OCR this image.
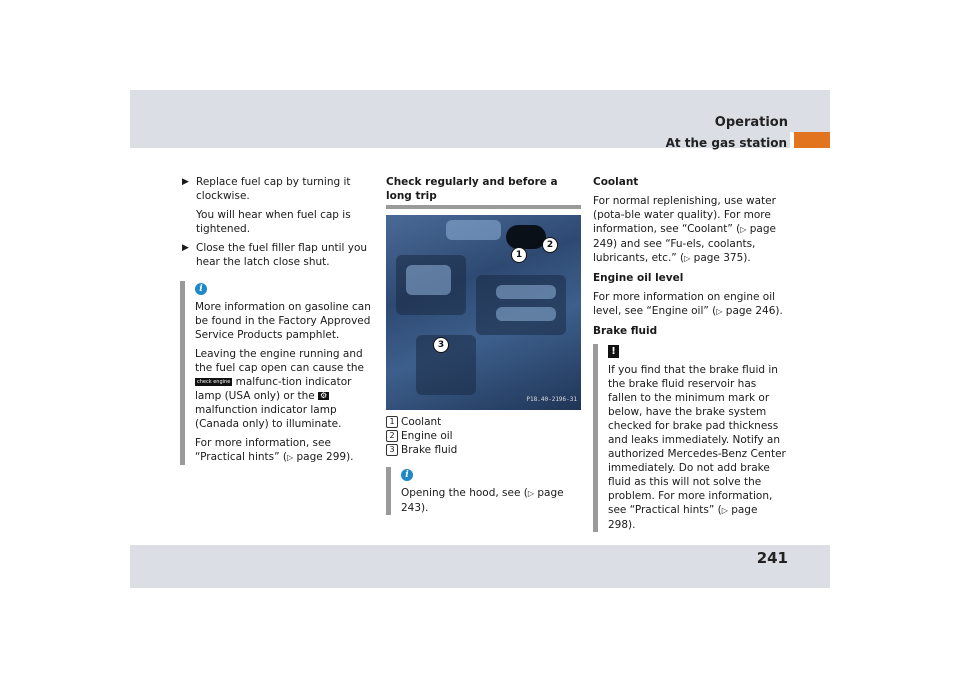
Operation
At the gas station
▶ Replace fuel cap by turning it clockwise.

You will hear when fuel cap is tightened.

▶ Close the fuel filler flap until you hear the latch close shut.

i

More information on gasoline can be found in the Factory Approved Service Products pamphlet.

Leaving the engine running and the fuel cap open can cause the check engine malfunc-tion indicator lamp (USA only) or the ⚙ malfunction indicator lamp (Canada only) to illuminate.

For more information, see “Practical hints” (▷ page 299).

Check regularly and before a long trip
1
2
3
P18.40-2196-31
1 Coolant
2 Engine oil
3 Brake fluid

i

Opening the hood, see (▷ page 243).

Coolant

For normal replenishing, use water (pota-ble water quality). For more information, see “Coolant” (▷ page 249) and see “Fu-els, coolants, lubricants, etc.” (▷ page 375).

Engine oil level

For more information on engine oil level, see “Engine oil” (▷ page 246).

Brake fluid

!

If you find that the brake fluid in the brake fluid reservoir has fallen to the minimum mark or below, have the brake system checked for brake pad thickness and leaks immediately. Notify an authorized Mercedes-Benz Center immediately. Do not add brake fluid as this will not solve the problem. For more information, see “Practical hints” (▷ page 298).

241
